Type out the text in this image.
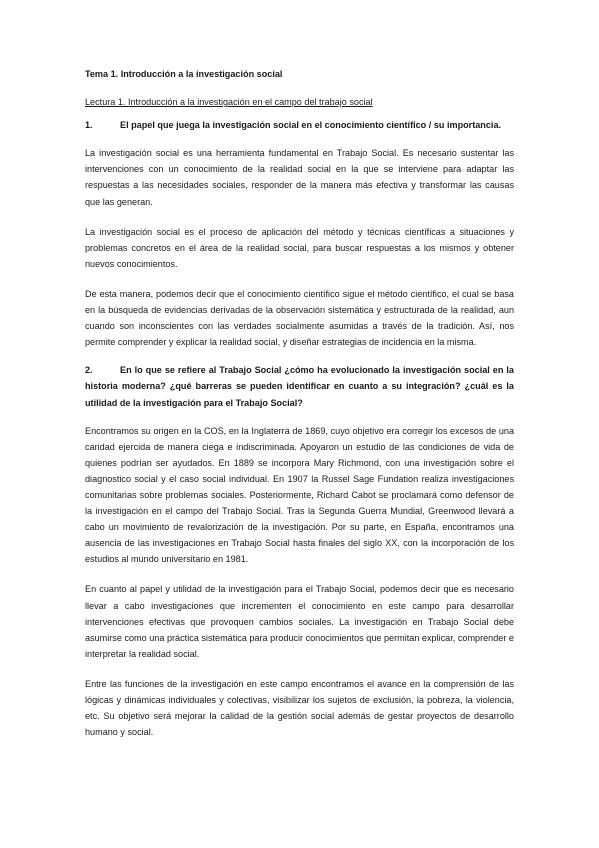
Tema 1. Introducción a la investigación social

Lectura 1. Introducción a la investigación en el campo del trabajo social

1.	El papel que juega la investigación social en el conocimiento científico / su importancia.

La investigación social es una herramienta fundamental en Trabajo Social. Es necesario sustentar las intervenciones con un conocimiento de la realidad social en la que se interviene para adaptar las respuestas a las necesidades sociales, responder de la manera más efectiva y transformar las causas que las generan.

La investigación social es el proceso de aplicación del método y técnicas científicas a situaciones y problemas concretos en el área de la realidad social, para buscar respuestas a los mismos y obtener nuevos conocimientos.

De esta manera, podemos decir que el conocimiento científico sigue el método científico, el cual se basa en la búsqueda de evidencias derivadas de la observación sistemática y estructurada de la realidad, aun cuando son inconscientes con las verdades socialmente asumidas a través de la tradición. Así, nos permite comprender y explicar la realidad social, y diseñar estrategias de incidencia en la misma.

2.	En lo que se refiere al Trabajo Social ¿cómo ha evolucionado la investigación social en la historia moderna? ¿qué barreras se pueden identificar en cuanto a su integración? ¿cuál es la utilidad de la investigación para el Trabajo Social?

Encontramos su origen en la COS, en la Inglaterra de 1869, cuyo objetivo era corregir los excesos de una caridad ejercida de manera ciega e indiscriminada. Apoyaron un estudio de las condiciones de vida de quienes podrían ser ayudados. En 1889 se incorpora Mary Richmond, con una investigación sobre el diagnostico social y el caso social individual. En 1907 la Russel Sage Fundation realiza investigaciones comunitarias sobre problemas sociales. Posteriormente, Richard Cabot se proclamará como defensor de la investigación en el campo del Trabajo Social. Tras la Segunda Guerra Mundial, Greenwood llevará a cabo un movimiento de revalorización de la investigación. Por su parte, en España, encontramos una ausencia de las investigaciones en Trabajo Social hasta finales del siglo XX, con la incorporación de los estudios al mundo universitario en 1981.

En cuanto al papel y utilidad de la investigación para el Trabajo Social, podemos decir que es necesario llevar a cabo investigaciones que incrementen el conocimiento en este campo para desarrollar intervenciones efectivas que provoquen cambios sociales. La investigación en Trabajo Social debe asumirse como una práctica sistemática para producir conocimientos que permitan explicar, comprender e interpretar la realidad social.

Entre las funciones de la investigación en este campo encontramos el avance en la comprensión de las lógicas y dinámicas individuales y colectivas, visibilizar los sujetos de exclusión, la pobreza, la violencia, etc. Su objetivo será mejorar la calidad de la gestión social además de gestar proyectos de desarrollo humano y social.
